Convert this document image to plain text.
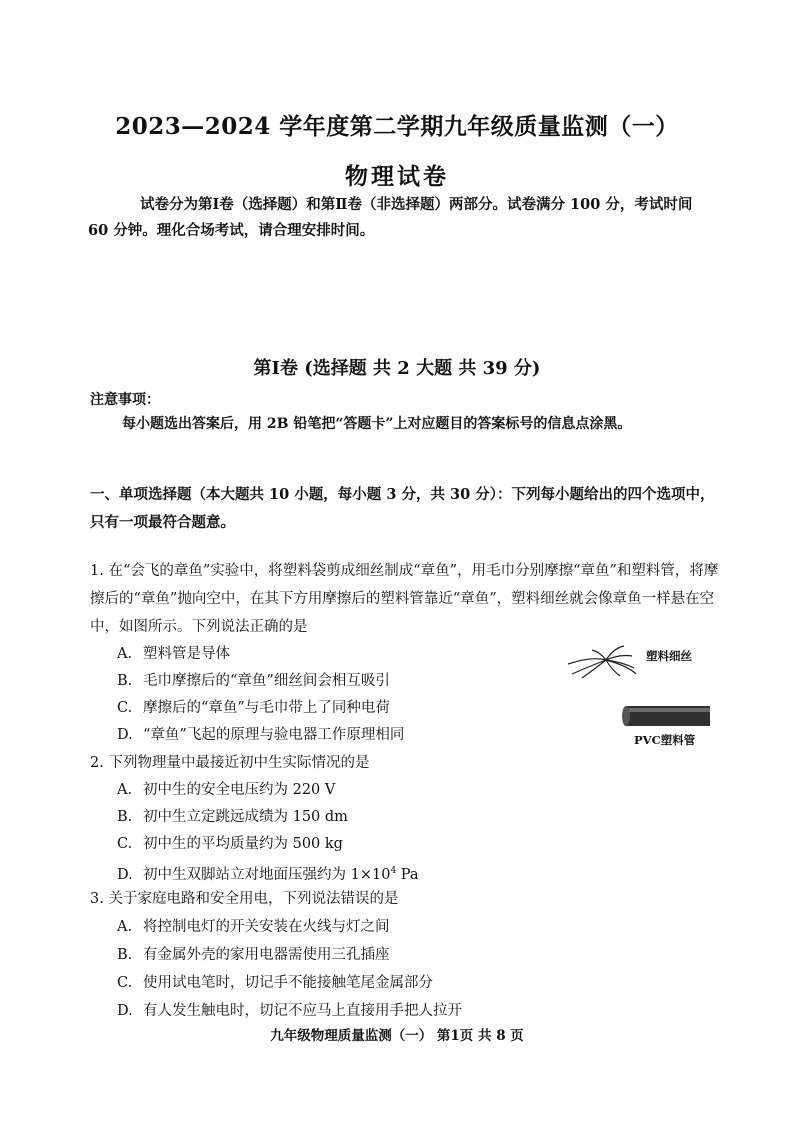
2023—2024 学年度第二学期九年级质量监测（一）
物理试卷
试卷分为第Ⅰ卷（选择题）和第Ⅱ卷（非选择题）两部分。试卷满分 100 分，考试时间 60 分钟。理化合场考试，请合理安排时间。
第Ⅰ卷 (选择题 共 2 大题 共 39 分)
注意事项：
每小题选出答案后，用 2B 铅笔把“答题卡”上对应题目的答案标号的信息点涂黑。
一、单项选择题（本大题共 10 小题，每小题 3 分，共 30 分）：下列每小题给出的四个选项中，只有一项最符合题意。
1. 在“会飞的章鱼”实验中，将塑料袋剪成细丝制成“章鱼”，用毛巾分别摩擦“章鱼”和塑料管，将摩擦后的“章鱼”抛向空中，在其下方用摩擦后的塑料管靠近“章鱼”，塑料细丝就会像章鱼一样悬在空中，如图所示。下列说法正确的是
A. 塑料管是导体
B. 毛巾摩擦后的“章鱼”细丝间会相互吸引
C. 摩擦后的“章鱼”与毛巾带上了同种电荷
D. “章鱼”飞起的原理与验电器工作原理相同
塑料细丝
PVC塑料管
2. 下列物理量中最接近初中生实际情况的是
A. 初中生的安全电压约为 220 V
B. 初中生立定跳远成绩为 150 dm
C. 初中生的平均质量约为 500 kg
D. 初中生双脚站立对地面压强约为 $1\times 10^4$ Pa
3. 关于家庭电路和安全用电，下列说法错误的是
A. 将控制电灯的开关安装在火线与灯之间
B. 有金属外壳的家用电器需使用三孔插座
C. 使用试电笔时，切记手不能接触笔尾金属部分
D. 有人发生触电时，切记不应马上直接用手把人拉开
九年级物理质量监测（一） 第1页 共 8 页
